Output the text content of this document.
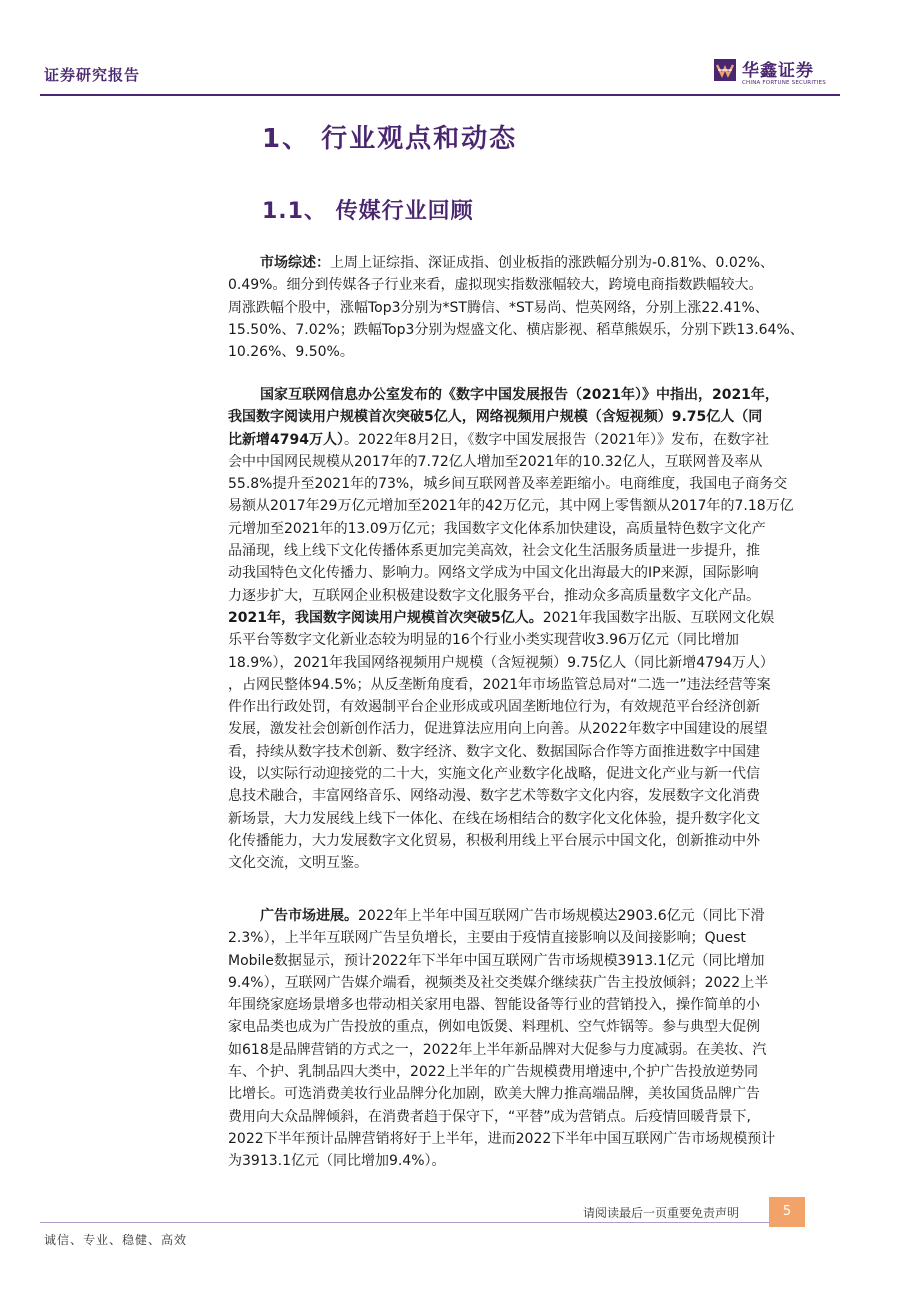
证券研究报告	华鑫证券
CHINA FORTUNE SECURITIES
1、 行业观点和动态
1.1、 传媒行业回顾
市场综述：上周上证综指、深证成指、创业板指的涨跌幅分别为-0.81%、0.02%、
0.49%。细分到传媒各子行业来看，虚拟现实指数涨幅较大，跨境电商指数跌幅较大。
周涨跌幅个股中，涨幅Top3分别为*ST腾信、*ST易尚、恺英网络，分别上涨22.41%、
15.50%、7.02%；跌幅Top3分别为煜盛文化、横店影视、稻草熊娱乐，分别下跌13.64%、
10.26%、9.50%。
国家互联网信息办公室发布的《数字中国发展报告（2021年）》中指出，2021年，
我国数字阅读用户规模首次突破5亿人，网络视频用户规模（含短视频）9.75亿人（同
比新增4794万人）。2022年8月2日，《数字中国发展报告（2021年）》发布，在数字社
会中中国网民规模从2017年的7.72亿人增加至2021年的10.32亿人，互联网普及率从
55.8%提升至2021年的73%，城乡间互联网普及率差距缩小。电商维度，我国电子商务交
易额从2017年29万亿元增加至2021年的42万亿元，其中网上零售额从2017年的7.18万亿
元增加至2021年的13.09万亿元；我国数字文化体系加快建设，高质量特色数字文化产
品涌现，线上线下文化传播体系更加完美高效，社会文化生活服务质量进一步提升，推
动我国特色文化传播力、影响力。网络文学成为中国文化出海最大的IP来源，国际影响
力逐步扩大，互联网企业积极建设数字文化服务平台，推动众多高质量数字文化产品。
2021年，我国数字阅读用户规模首次突破5亿人。2021年我国数字出版、互联网文化娱
乐平台等数字文化新业态较为明显的16个行业小类实现营收3.96万亿元（同比增加
18.9%），2021年我国网络视频用户规模（含短视频）9.75亿人（同比新增4794万人）
，占网民整体94.5%；从反垄断角度看，2021年市场监管总局对“二选一”违法经营等案
件作出行政处罚，有效遏制平台企业形成或巩固垄断地位行为，有效规范平台经济创新
发展，激发社会创新创作活力，促进算法应用向上向善。从2022年数字中国建设的展望
看，持续从数字技术创新、数字经济、数字文化、数据国际合作等方面推进数字中国建
设，以实际行动迎接党的二十大，实施文化产业数字化战略，促进文化产业与新一代信
息技术融合，丰富网络音乐、网络动漫、数字艺术等数字文化内容，发展数字文化消费
新场景，大力发展线上线下一体化、在线在场相结合的数字化文化体验，提升数字化文
化传播能力，大力发展数字文化贸易，积极利用线上平台展示中国文化，创新推动中外
文化交流，文明互鉴。
广告市场进展。2022年上半年中国互联网广告市场规模达2903.6亿元（同比下滑
2.3%），上半年互联网广告呈负增长，主要由于疫情直接影响以及间接影响；Quest
Mobile数据显示，预计2022年下半年中国互联网广告市场规模3913.1亿元（同比增加
9.4%），互联网广告媒介端看，视频类及社交类媒介继续获广告主投放倾斜；2022上半
年围绕家庭场景增多也带动相关家用电器、智能设备等行业的营销投入，操作简单的小
家电品类也成为广告投放的重点，例如电饭煲、料理机、空气炸锅等。参与典型大促例
如618是品牌营销的方式之一，2022年上半年新品牌对大促参与力度减弱。在美妆、汽
车、个护、乳制品四大类中，2022上半年的广告规模费用增速中,个护广告投放逆势同
比增长。可选消费美妆行业品牌分化加剧，欧美大牌力推高端品牌，美妆国货品牌广告
费用向大众品牌倾斜，在消费者趋于保守下，“平替”成为营销点。后疫情回暖背景下,
2022下半年预计品牌营销将好于上半年，进而2022下半年中国互联网广告市场规模预计
为3913.1亿元（同比增加9.4%）。
请阅读最后一页重要免责声明	5
诚信、专业、稳健、高效
